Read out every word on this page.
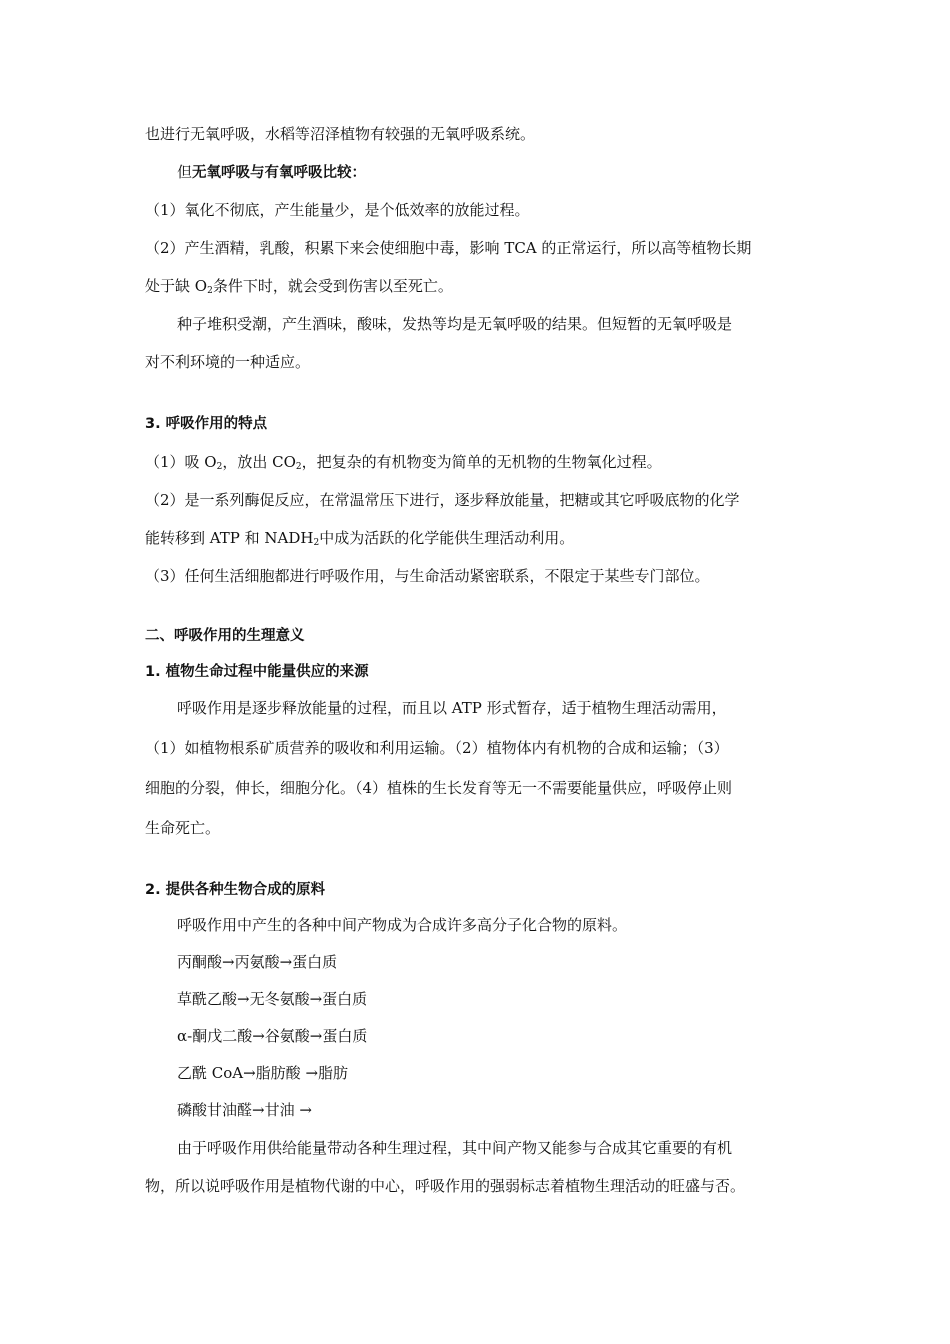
也进行无氧呼吸，水稻等沼泽植物有较强的无氧呼吸系统。
但无氧呼吸与有氧呼吸比较：
（1）氧化不彻底，产生能量少，是个低效率的放能过程。
（2）产生酒精，乳酸，积累下来会使细胞中毒，影响 TCA 的正常运行，所以高等植物长期
处于缺 $O_2$条件下时，就会受到伤害以至死亡。
种子堆积受潮，产生酒味，酸味，发热等均是无氧呼吸的结果。但短暂的无氧呼吸是
对不利环境的一种适应。
3. 呼吸作用的特点
（1）吸 $O_2$，放出 $CO_2$，把复杂的有机物变为简单的无机物的生物氧化过程。
（2）是一系列酶促反应，在常温常压下进行，逐步释放能量，把糖或其它呼吸底物的化学
能转移到 ATP 和 $NADH_2$中成为活跃的化学能供生理活动利用。
（3）任何生活细胞都进行呼吸作用，与生命活动紧密联系，不限定于某些专门部位。
二、呼吸作用的生理意义
1. 植物生命过程中能量供应的来源
呼吸作用是逐步释放能量的过程，而且以 ATP 形式暂存，适于植物生理活动需用，
（1）如植物根系矿质营养的吸收和利用运输。（2）植物体内有机物的合成和运输；（3）
细胞的分裂，伸长，细胞分化。（4）植株的生长发育等无一不需要能量供应，呼吸停止则
生命死亡。
2. 提供各种生物合成的原料
呼吸作用中产生的各种中间产物成为合成许多高分子化合物的原料。
丙酮酸→丙氨酸→蛋白质
草酰乙酸→无冬氨酸→蛋白质
α-酮戊二酸→谷氨酸→蛋白质
乙酰 CoA→脂肪酸 →脂肪
磷酸甘油醛→甘油 →
由于呼吸作用供给能量带动各种生理过程，其中间产物又能参与合成其它重要的有机
物，所以说呼吸作用是植物代谢的中心，呼吸作用的强弱标志着植物生理活动的旺盛与否。
